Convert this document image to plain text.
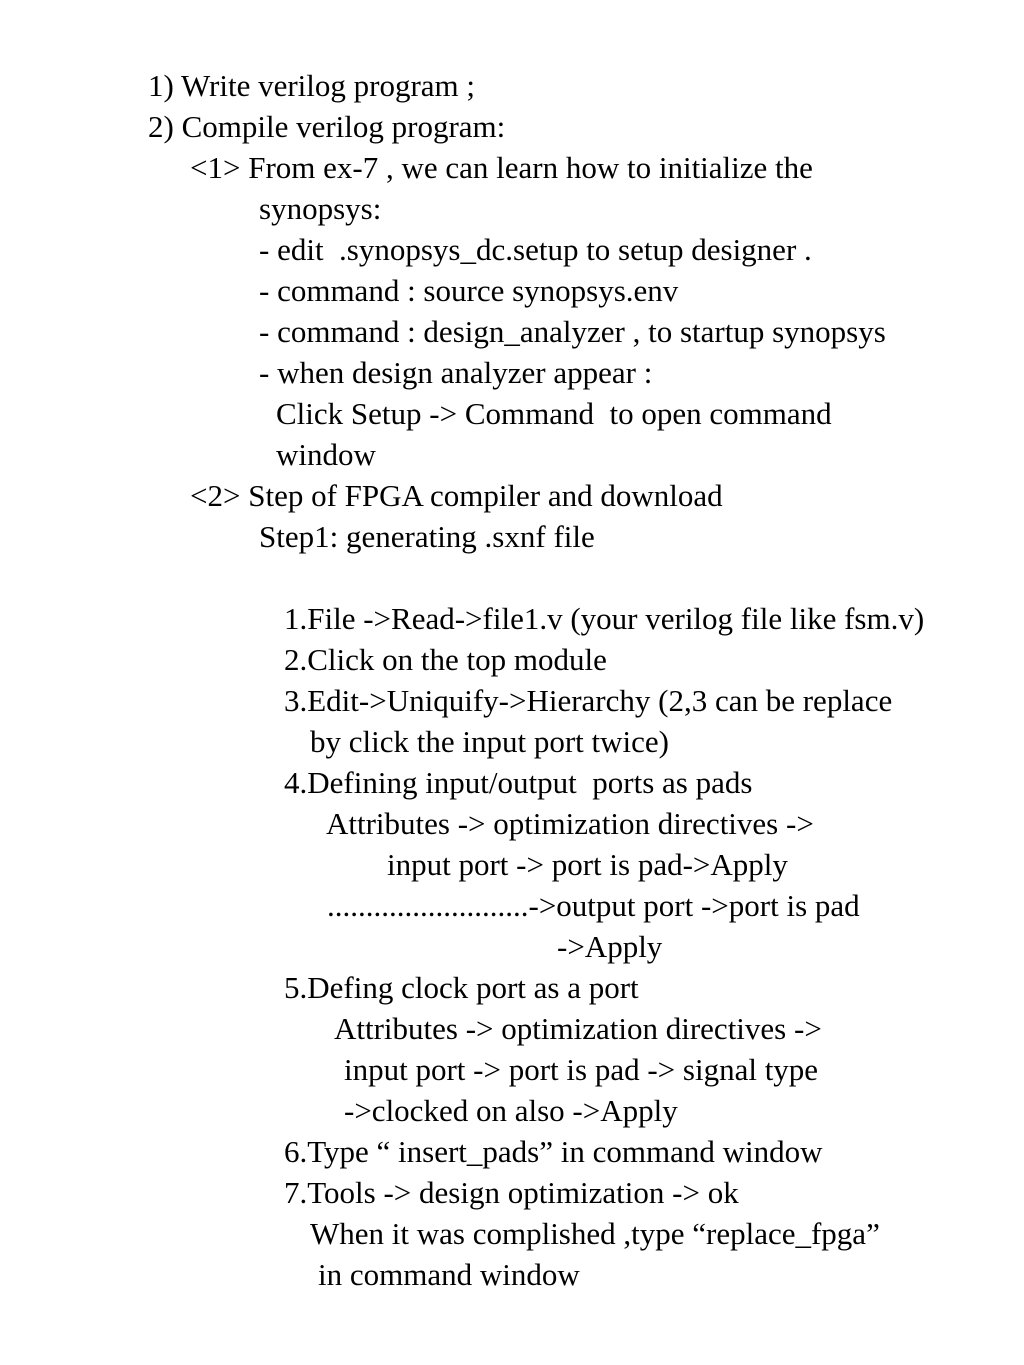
1) Write verilog program ;
2) Compile verilog program:
<1> From ex-7 , we can learn how to initialize the
synopsys:
- edit  .synopsys_dc.setup to setup designer .
- command : source synopsys.env
- command : design_analyzer , to startup synopsys
- when design analyzer appear :
Click Setup -> Command  to open command
window
<2> Step of FPGA compiler and download
Step1: generating .sxnf file
1.File ->Read->file1.v (your verilog file like fsm.v)
2.Click on the top module
3.Edit->Uniquify->Hierarchy (2,3 can be replace
by click the input port twice)
4.Defining input/output  ports as pads
Attributes -> optimization directives ->
input port -> port is pad->Apply
..........................->output port ->port is pad
->Apply
5.Defing clock port as a port
Attributes -> optimization directives ->
input port -> port is pad -> signal type
->clocked on also ->Apply
6.Type “ insert_pads” in command window
7.Tools -> design optimization -> ok
When it was complished ,type “replace_fpga”
in command window
